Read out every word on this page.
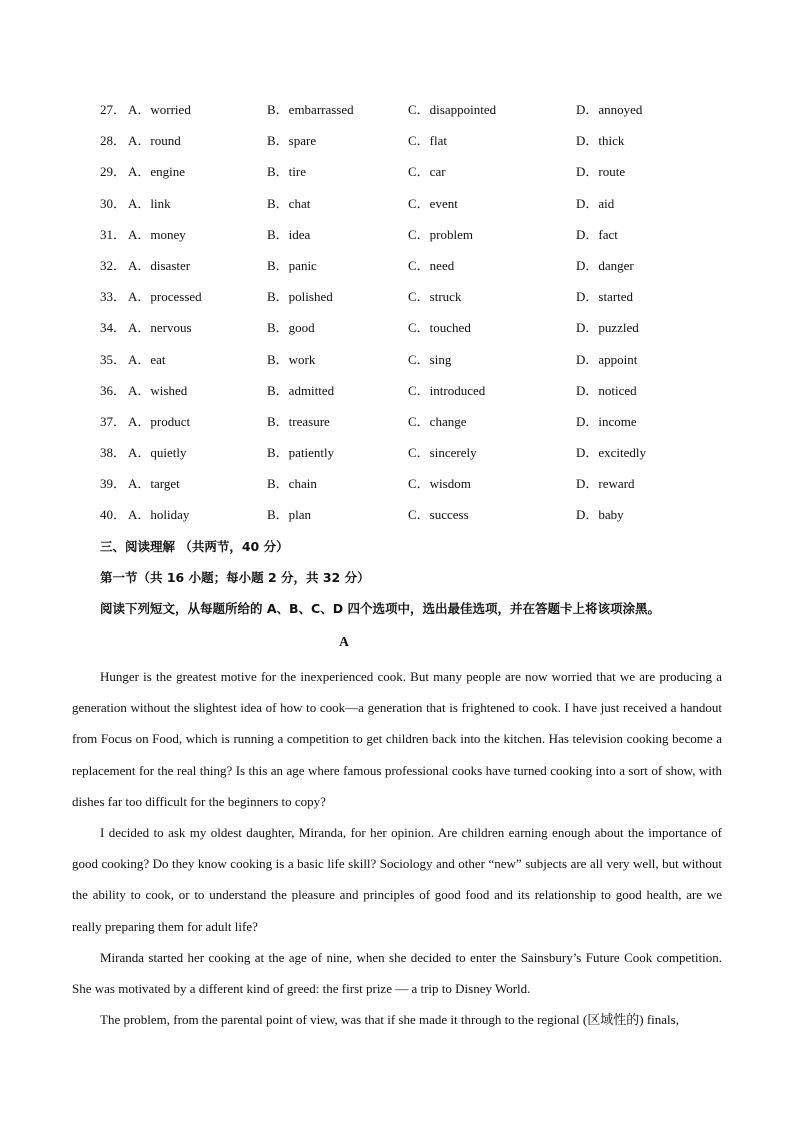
27． A．worried	B．embarrassed	C．disappointed	D．annoyed
28． A．round	B．spare	C．flat	D．thick
29． A．engine	B．tire	C．car	D．route
30． A．link	B．chat	C．event	D．aid
31． A．money	B．idea	C．problem	D．fact
32． A．disaster	B．panic	C．need	D．danger
33． A．processed	B．polished	C．struck	D．started
34． A．nervous	B．good	C．touched	D．puzzled
35． A．eat	B．work	C．sing	D．appoint
36． A．wished	B．admitted	C．introduced	D．noticed
37． A．product	B．treasure	C．change	D．income
38． A．quietly	B．patiently	C．sincerely	D．excitedly
39． A．target	B．chain	C．wisdom	D．reward
40． A．holiday	B．plan	C．success	D．baby
三、阅读理解 （共两节，40 分）
第一节（共 16 小题；每小题 2 分，共 32 分）
阅读下列短文，从每题所给的 A、B、C、D 四个选项中，选出最佳选项，并在答题卡上将该项涂黑。
A

Hunger is the greatest motive for the inexperienced cook. But many people are now worried that we are producing a generation without the slightest idea of how to cook—a generation that is frightened to cook. I have just received a handout from Focus on Food, which is running a competition to get children back into the kitchen. Has television cooking become a replacement for the real thing? Is this an age where famous professional cooks have turned cooking into a sort of show, with dishes far too difficult for the beginners to copy?

I decided to ask my oldest daughter, Miranda, for her opinion. Are children earning enough about the importance of good cooking? Do they know cooking is a basic life skill? Sociology and other “new” subjects are all very well, but without the ability to cook, or to understand the pleasure and principles of good food and its relationship to good health, are we really preparing them for adult life?

Miranda started her cooking at the age of nine, when she decided to enter the Sainsbury’s Future Cook competition. She was motivated by a different kind of greed: the first prize — a trip to Disney World.

The problem, from the parental point of view, was that if she made it through to the regional (区域性的) finals,
